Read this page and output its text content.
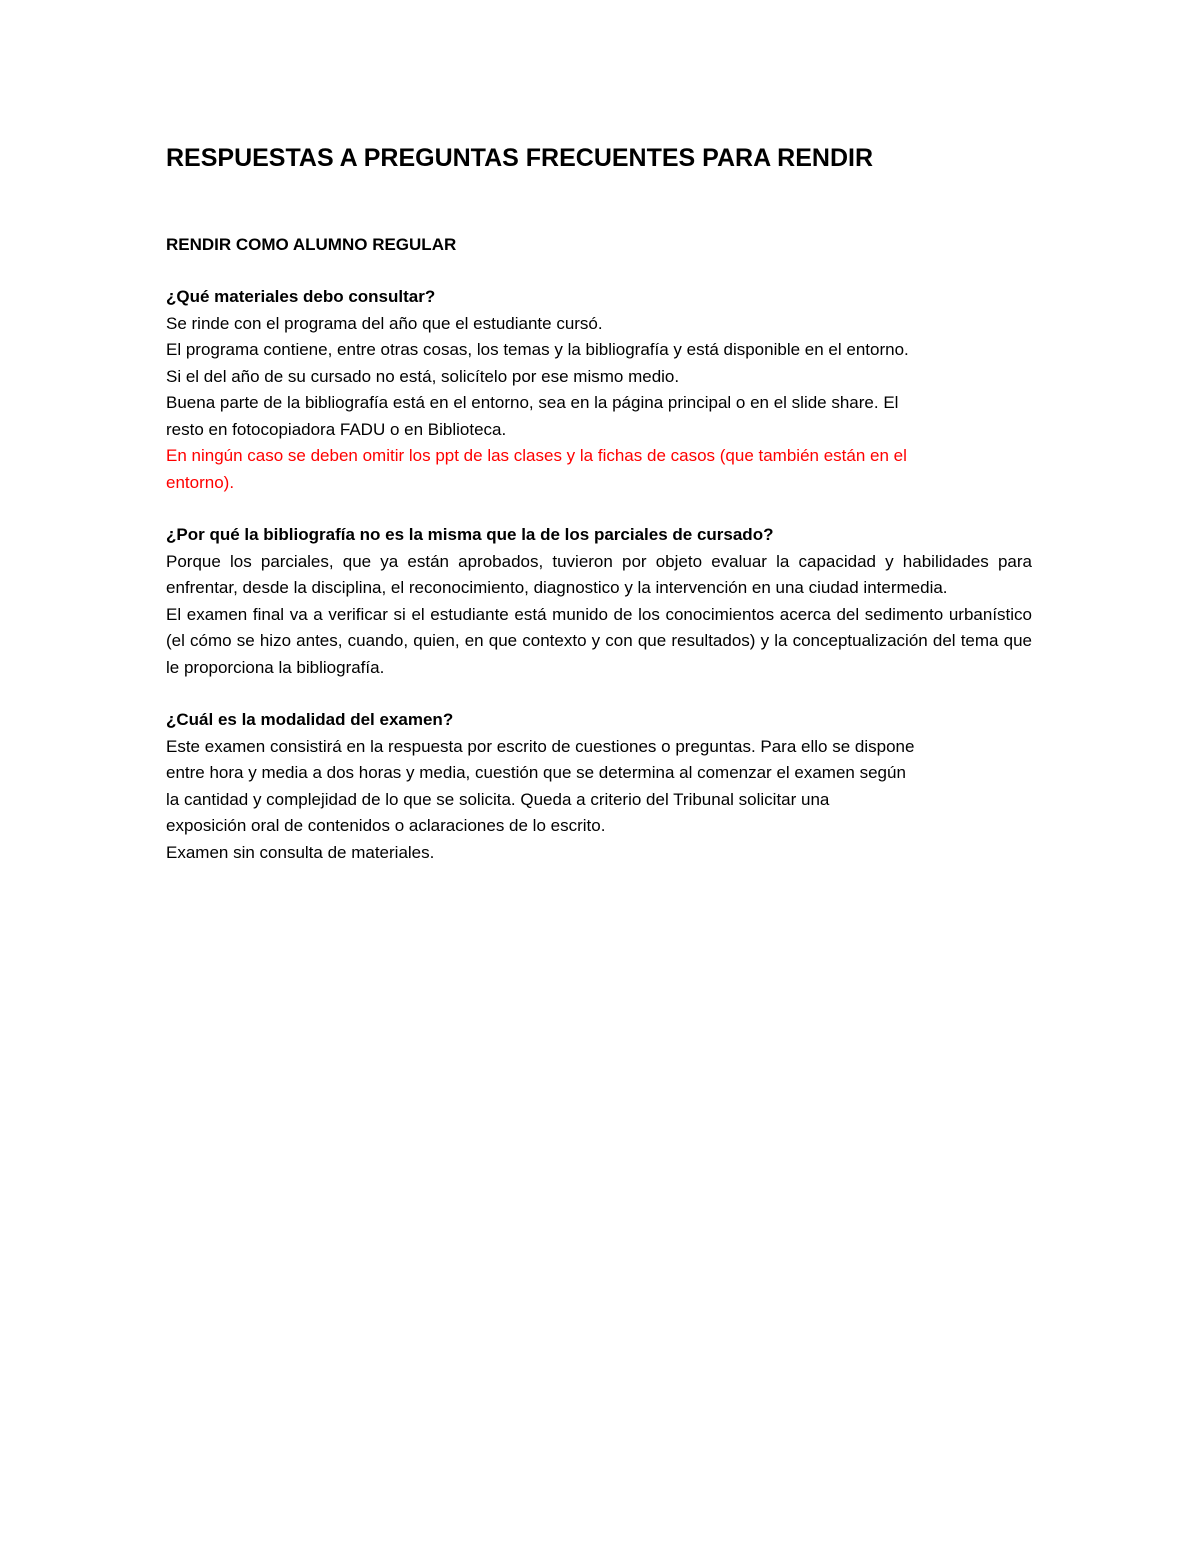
RESPUESTAS A PREGUNTAS FRECUENTES PARA RENDIR
RENDIR COMO ALUMNO REGULAR

¿Qué materiales debo consultar?

Se rinde con el programa del año que el estudiante cursó.

El programa contiene, entre otras cosas, los temas y la bibliografía y está disponible en el entorno.

Si el del año de su cursado no está, solicítelo por ese mismo medio.

Buena parte de la bibliografía está en el entorno, sea en la página principal o en el slide share. El

resto en fotocopiadora FADU o en Biblioteca.

En ningún caso se deben omitir los ppt de las clases y la fichas de casos (que también están en el

entorno).

¿Por qué la bibliografía no es la misma que la de los parciales de cursado?

Porque los parciales, que ya están aprobados, tuvieron por objeto evaluar la capacidad y habilidades para enfrentar, desde la disciplina, el reconocimiento, diagnostico y la intervención en una ciudad intermedia.

El examen final va a verificar si el estudiante está munido de los conocimientos acerca del sedimento urbanístico (el cómo se hizo antes, cuando, quien, en que contexto y con que resultados) y la conceptualización del tema que le proporciona la bibliografía.

¿Cuál es la modalidad del examen?

Este examen consistirá en la respuesta por escrito de cuestiones o preguntas. Para ello se dispone

entre hora y media a dos horas y media, cuestión que se determina al comenzar el examen según

la cantidad y complejidad de lo que se solicita. Queda a criterio del Tribunal solicitar una

exposición oral de contenidos o aclaraciones de lo escrito.

Examen sin consulta de materiales.
